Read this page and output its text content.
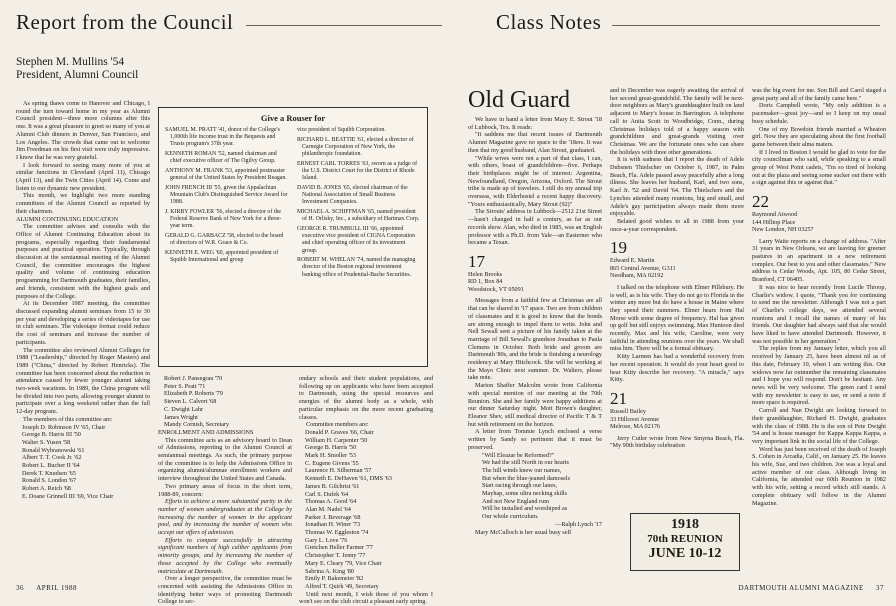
Report from the Council
Stephen M. Mullins '54
President, Alumni Council

As spring thaws come to Hanover and Chicago, I round the turn toward home in my year as Alumni Council president—three more columns after this one. It was a great pleasure to greet so many of you at Alumni Club dinners in Denver, San Francisco, and Los Angeles. The crowds that came out to welcome Jim Freedman on his first visit were truly impressive. I know that he was very grateful.

I look forward to seeing many more of you at similar functions in Cleveland (April 11), Chicago (April 13), and the Twin Cities (April 14). Come and listen to our dynamic new president.

This month, we highlight two more standing committees of the Alumni Council as reported by their chairmen.

ALUMNI CONTINUING EDUCATION

The committee advises and consults with the Office of Alumni Continuing Education about its programs, especially regarding their fundamental purposes and practical operation. Typically, through discussion at the semiannual meeting of the Alumni Council, the committee encourages the highest quality and volume of continuing education programming for Dartmouth graduates, their families, and friends, consistent with the highest goals and purposes of the College.

At its December 1987 meeting, the committee discussed expanding alumni seminars from 15 to 30 per year and developing a series of videotapes for use in club seminars. The videotape format could reduce the cost of seminars and increase the number of participants.

The committee also reviewed Alumni Colleges for 1988 ("Leadership," directed by Roger Masters) and 1989 ("China," directed by Robert Henricks). The committee has been concerned about the reduction in attendance caused by fewer younger alumni taking two-week vacations. In 1989, the China program will be divided into two parts, allowing younger alumni to participate over a long weekend rather than the full 12-day program.

The members of this committee are:

Joseph D. Robinson IV '65, Chair
George B. Harris III '50
Walter S. Yusen '58
Ronald Wybranowski '61
Albert T. T. Cook Jr. '62
Robert L. Bucher II '64
Derek T. Knudsen '65
Ronald S. London '67
Robert A. Reich '68
E. Doane Grinnell III '69, Vice Chair
Give a Rouser for
SAMUEL M. PRATT '41, donor of the College's 1,000th life income trust in the Bequests and Trusts program's 37th year.
KENNETH ROMAN '52, named chairman and chief executive officer of The Ogilvy Group.
ANTHONY M. FRANK '53, appointed postmaster general of the United States by President Reagan.
JOHN FRENCH III '55, given the Appalachian Mountain Club's Distinguished Service Award for 1988.
J. KIRBY FOWLER '56, elected a director of the Federal Reserve Bank of New York for a three-year term.
GERALD G. GARBACZ '58, elected to the board of directors of W.R. Grace & Co.
KENNETH E. WEG '60, appointed president of Squibb International and group
vice president of Squibb Corporation.
RICHARD L. BEATTIE '61, elected a director of Carnegie Corporation of New York, the philanthropic foundation.
ERNEST CARL TORRES '63, sworn as a judge of the U.S. District Court for the District of Rhode Island.
DAVID B. JONES '65, elected chairman of the National Association of Small Business Investment Companies.
MICHAEL A. SCHIFFMAN '65, named president of H. Orlisky, Inc., a subsidiary of Hartmax Corp.
GEORGE R. TRUMBULL III '66, appointed executive vice president of CIGNA Corporation and chief operating officer of its investment group.
ROBERT M. WHELAN '74, named the managing director of the Boston regional investment banking office of Prudential-Bache Securities.
Robert J. Pansegrau '70
Peter S. Pratt '71
Elizabeth P. Roberts '79
Steven L. Calvert '68
C. Dwight Lahr
James Wright
Mandy Cornish, Secretary

ENROLLMENT AND ADMISSIONS

This committee acts as an advisory board to Dean of Admissions, reporting to the Alumni Council at semiannual meetings. As such, the primary purpose of the committee is to help the Admissions Office in organizing alumni/alumnae enrollment workers and interview throughout the United States and Canada.

Two primary areas of focus in the short term, 1988-89, concern:

Efforts to achieve a more substantial parity in the number of women undergraduates at the College by increasing the number of women in the applicant pool, and by increasing the number of women who accept our offers of admission.

Efforts to compete successfully in attracting significant numbers of high caliber applicants from minority groups, and by increasing the number of those accepted by the College who eventually matriculate at Dartmouth.

Over a longer perspective, the committee must be concerned with assisting the Admissions Office in identifying better ways of promoting Dartmouth College to sec-

ondary schools and their student populations, and following up on applicants who have been accepted to Dartmouth, using the special resources and energies of the alumni body as a whole, with particular emphasis on the more recent graduating classes.

Committee members are:

Donald P. Graves '66, Chair
William H. Carpenter '50
George B. Harris '50
Mark H. Smoller '53
C. Eugene Givens '55
Laurence H. Silberman '57
Kenneth E. DeHaven '61, DMS '63
James B. Gilchrist '61
Carl S. Dufek '64
Thomas A. Good '64
Alan M. Nadel '64
Parker J. Beverage '68
Jonathan H. Winer '73
Thomas W. Eggleston '74
Gary L. Love '76
Gretchen Heller Farmer '77
Christopher T. Jenny '77
Mary E. Cleary '79, Vice Chair
Sabrina A. King '80
Emily P. Bakemeier '82
Alfred T. Quirk '49, Secretary

Until next month, I wish those of you whom I won't see on the club circuit a pleasant early spring.

36 APRIL 1988
Class Notes
Old Guard

We have in hand a letter from Mary E. Strout '18 of Lubbock, Tex. It reads:

"It saddens me that recent issues of Dartmouth Alumni Magazine gave no space to the '18ers. It was then that my good husband, Alan Strout, graduated.

"While wives were not a part of that class, I can, with others, boast of grandchildren—five. Perhaps their birthplaces might be of interest: Argentina, Newfoundland, Oregon, Arizona, Oxford. The Strout tribe is made up of travelers. I still do my annual trip overseas, with Elderhostel a recent happy discovery. "Yours enthusiastically, Mary Strout (92)"

The Strouts' address in Lubbock—2512 21st Street—hasn't changed in half a century, as far as our records show. Alan, who died in 1985, was an English professor with a Ph.D. from Yale—an Easterner who became a Texan.

17
Helen Brooks
RD 1, Box 84
Woodstock, VT 05091

Messages from a faithful few at Christmas are all that can be shared in '17 space. Two are from children of classmates and it is good to know that the bonds are strong enough to impel them to write. John and Nell Sewall sent a picture of his family taken at the marriage of Bill Sewall's grandson Jonathan to Paula Clemens in October. Both bride and groom are Dartmouth '80s, and the bride is finishing a neurology residency at Mary Hitchcock. She will be working at the Mayo Clinic next summer. Dr. Walters, please take note.

Marion Shaffer Malcolm wrote from California with special mention of our meeting at the 70th Reunion. She and her family were happy additions at our dinner Saturday night. Mott Brown's daughter, Eleanor Shev, still medical director of Pacific T & T but with retirement on the horizon.

A letter from Tommie Lynch enclosed a verse written by Sandy so pertinent that it must be preserved.

"Will Eleazar be Reformed?"
We had the still North in our hearts
The hill winds knew our names,
But when the blue-jeaned damosels
Start racing through our lanes,
Mayhap, some ultra necking skills
And not New England rum
Will be installed and worshiped as
Our whole curriculum.
—Ralph Lynch '17

Mary McCulloch is her usual busy self

and in December was eagerly awaiting the arrival of her second great-grandchild. The family will be next-door neighbors as Mary's granddaughter built on land adjacent to Mary's house in Barrington. A telephone call to Anita Scott in Woodbridge, Conn., during Christmas holidays told of a happy season with grandchildren and great-grands visiting over Christmas. We are the fortunate ones who can share the holidays with three other generations.

It is with sadness that I report the death of Adele Dubsnen Thielscher on October 6, 1987, in Palm Beach, Fla. Adele passed away peacefully after a long illness. She leaves her husband, Karl, and two sons, Karl Jr. '52 and David '64. The Thielschers and the Lynches attended many reunions, big and small, and Adele's gay participation always made them more enjoyable.

Belated good wishes to all in 1988 from your once-a-year correspondent.

19
Edward E. Martin
865 Central Avenue, G311
Needham, MA 02192

I talked on the telephone with Elmer Pillsbury. He is well, as is his wife. They do not go to Florida in the winter any more but do have a house in Maine where they spend their summers. Elmer hears from Hal Morse with some degree of frequency. Hal has given up golf but still enjoys swimming. Max Huntoon died recently. Max and his wife, Caroline, were very faithful in attending reunions over the years. We shall miss him. There will be a formal obituary.

Kitty Larmen has had a wonderful recovery from her recent operation. It would do your heart good to hear Kitty describe her recovery. "A miracle," says Kitty.

21
Russell Bailey
33 Hillcrest Avenue
Melrose, MA 02176

Jerry Cutler wrote from New Smyrna Beach, Fla. "My 90th birthday celebration

1918
70th REUNION
JUNE 10-12

was the big event for me. Son Bill and Carol staged a great party and all of the family came here."

Doris Campbell wrote, "My only addition is a pacemaker—great joy—and so I keep on my usual busy schedule.

One of my Bowdoin friends married a Wheaton girl. Now they are speculating about the first football game between their alma maters.

If I lived in Boston I would be glad to vote for the city councilman who said, while speaking to a small group of West Point cadets, "I'm so tired of looking out at the plaza and seeing some sucker out there with a sign against this or against that."

22
Raymond Atwood
144 Hilltop Place
New London, NH 03257

Larry Waite reports on a change of address. "After 31 years in New Orleans, we are leaving for greener pastures in an apartment in a new retirement complex. Our best to you and other classmates." New address is Cedar Woods, Apt. 105, 80 Cedar Street, Branford, CT 06405.

It was nice to hear recently from Lucile Throop, Charlie's widow. I quote, "Thank you for continuing to send me the newsletter. Although I was not a part of Charlie's college days, we attended several reunions and I recall the names of many of his friends. Our daughter had always said that she would have liked to have attended Dartmouth. However, it was not possible in her generation."

The replies from my January letter, which you all received by January 25, have been almost nil as of this date, February 10, when I am writing this. Our widows now far outnumber the remaining classmates and I hope you will respond. Don't be hesitant. Any news will be very welcome. The green card I send with my newsletter is easy to use, or send a note if more space is required.

Carroll and Nan Dwight are looking forward to their granddaughter, Richard H. Dwight, graduates with the class of 1988. He is the son of Pete Dwight '54 and is house manager for Kappa Kappa Kappa, a very important link in the social life of the College.

Word has just been received of the death of Joseph S. Cohen in Arcadia, Calif., on January 25. He leaves his wife, Sue, and two children. Joe was a loyal and active member of our class. Although living in California, he attended our 60th Reunion in 1982 with his wife, setting a record which still stands. A complete obituary will follow in the Alumni Magazine.

DARTMOUTH ALUMNI MAGAZINE 37
